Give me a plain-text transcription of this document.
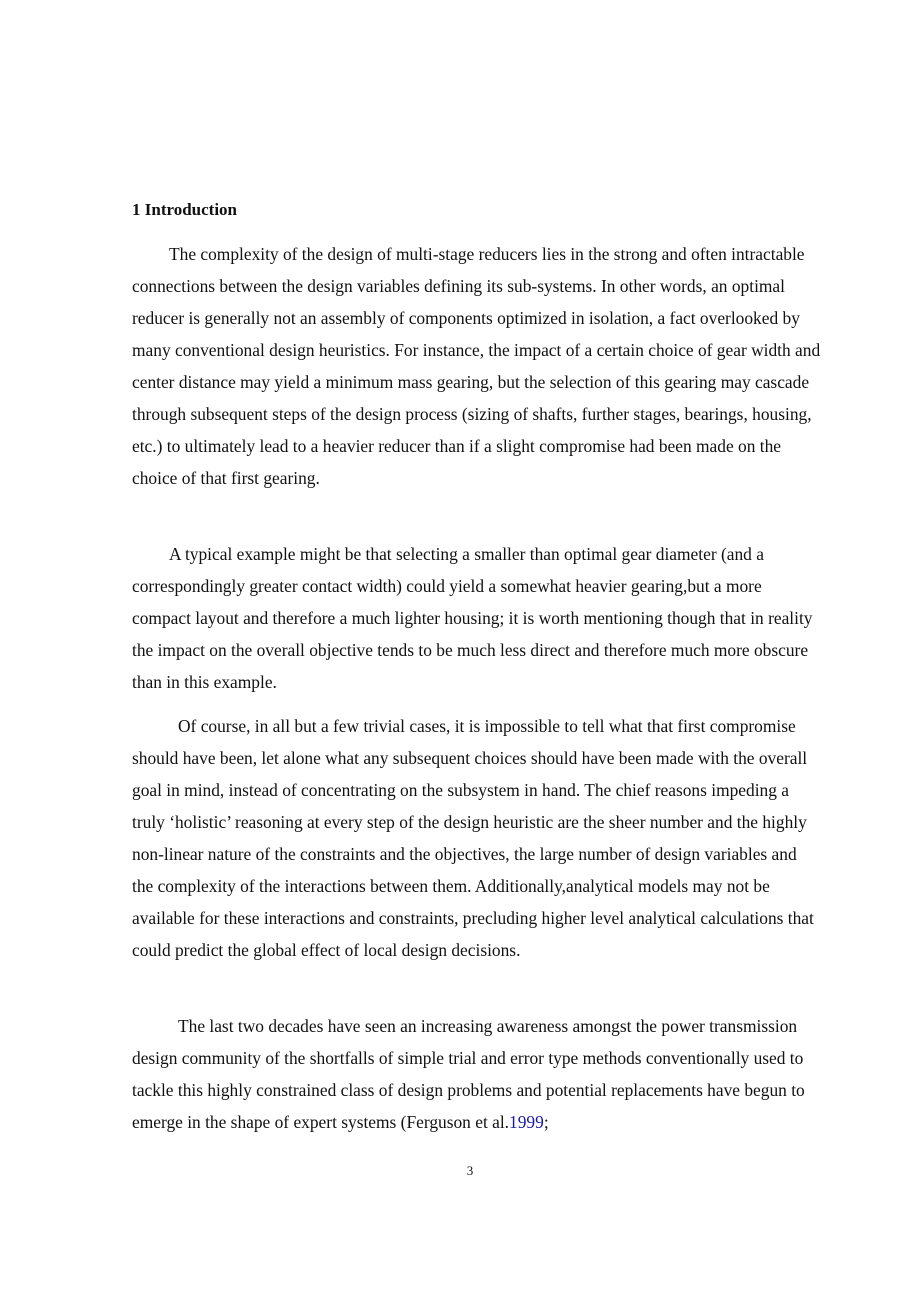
1 Introduction

The complexity of the design of multi-stage reducers lies in the strong and often intractable connections between the design variables defining its sub-systems. In other words, an optimal reducer is generally not an assembly of components optimized in isolation, a fact overlooked by many conventional design heuristics. For instance, the impact of a certain choice of gear width and center distance may yield a minimum mass gearing, but the selection of this gearing may cascade through subsequent steps of the design process (sizing of shafts, further stages, bearings, housing, etc.) to ultimately lead to a heavier reducer than if a slight compromise had been made on the choice of that first gearing.

A typical example might be that selecting a smaller than optimal gear diameter (and a correspondingly greater contact width) could yield a somewhat heavier gearing,but a more compact layout and therefore a much lighter housing; it is worth mentioning though that in reality the impact on the overall objective tends to be much less direct and therefore much more obscure than in this example.

Of course, in all but a few trivial cases, it is impossible to tell what that first compromise should have been, let alone what any subsequent choices should have been made with the overall goal in mind, instead of concentrating on the subsystem in hand. The chief reasons impeding a truly ‘holistic’ reasoning at every step of the design heuristic are the sheer number and the highly non-linear nature of the constraints and the objectives, the large number of design variables and the complexity of the interactions between them. Additionally,analytical models may not be available for these interactions and constraints, precluding higher level analytical calculations that could predict the global effect of local design decisions.

The last two decades have seen an increasing awareness amongst the power transmission design community of the shortfalls of simple trial and error type methods conventionally used to tackle this highly constrained class of design problems and potential replacements have begun to emerge in the shape of expert systems (Ferguson et al.1999;

3
